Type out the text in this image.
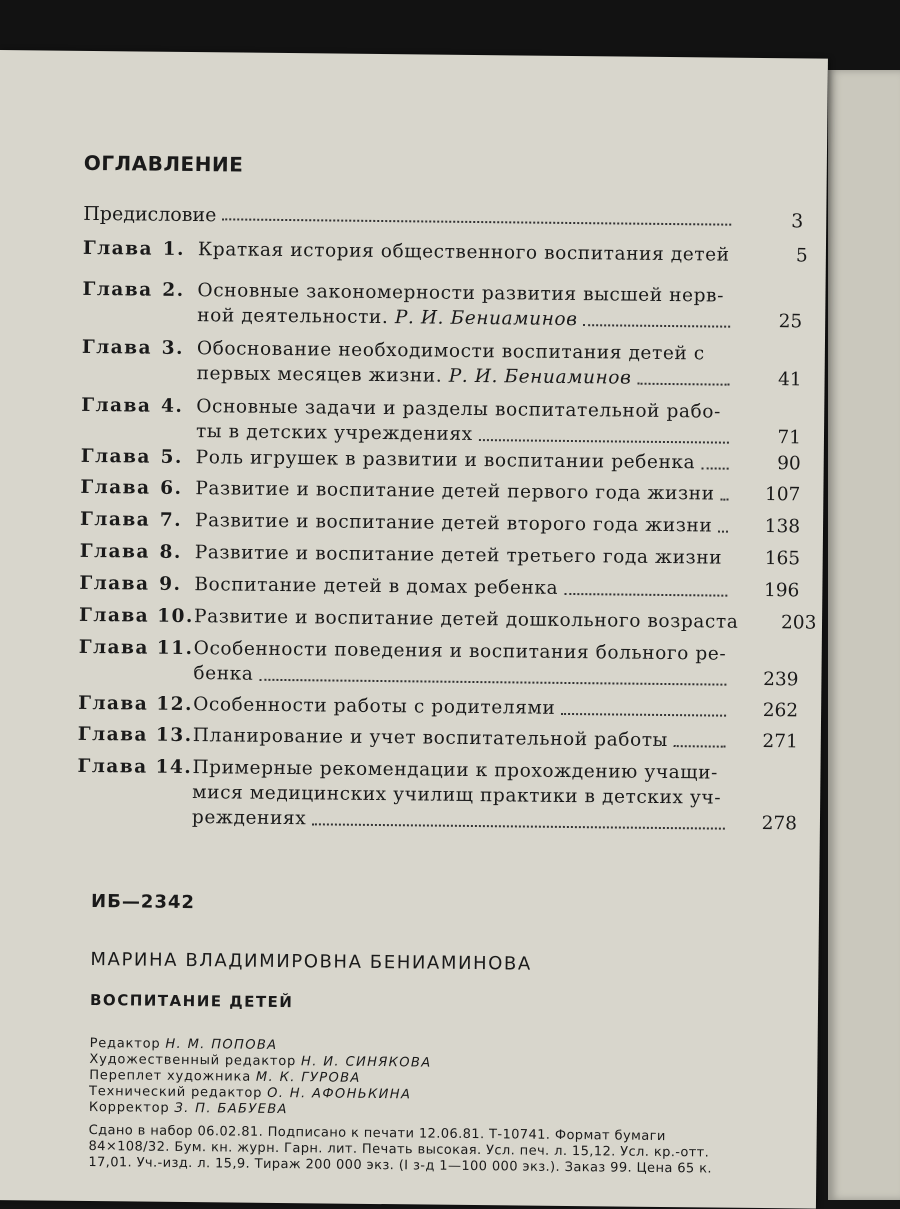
ОГЛАВЛЕНИЕ
Предисловие	3
Глава 1. Краткая история общественного воспитания детей	5
Глава 2. Основные закономерности развития высшей нерв-
ной деятельности. Р. И. Бениаминов	25
Глава 3. Обоснование необходимости воспитания детей с
первых месяцев жизни. Р. И. Бениаминов	41
Глава 4. Основные задачи и разделы воспитательной рабо-
ты в детских учреждениях	71
Глава 5. Роль игрушек в развитии и воспитании ребенка	90
Глава 6. Развитие и воспитание детей первого года жизни	107
Глава 7. Развитие и воспитание детей второго года жизни	138
Глава 8. Развитие и воспитание детей третьего года жизни	165
Глава 9. Воспитание детей в домах ребенка	196
Глава 10. Развитие и воспитание детей дошкольного возраста	203
Глава 11. Особенности поведения и воспитания больного ре-
бенка	239
Глава 12. Особенности работы с родителями	262
Глава 13. Планирование и учет воспитательной работы	271
Глава 14. Примерные рекомендации к прохождению учащи-
мися медицинских училищ практики в детских уч-
реждениях	278
ИБ—2342
МАРИНА ВЛАДИМИРОВНА БЕНИАМИНОВА
ВОСПИТАНИЕ ДЕТЕЙ
Редактор Н. М. ПОПОВА
Художественный редактор Н. И. СИНЯКОВА
Переплет художника М. К. ГУРОВА
Технический редактор О. Н. АФОНЬКИНА
Корректор З. П. БАБУЕВА
Сдано в набор 06.02.81. Подписано к печати 12.06.81. Т-10741. Формат бумаги 84×108/32. Бум. кн. журн. Гарн. лит. Печать высокая. Усл. печ. л. 15,12. Усл. кр.-отт. 17,01. Уч.-изд. л. 15,9. Тираж 200 000 экз. (I з-д 1—100 000 экз.). Заказ 99. Цена 65 к.
